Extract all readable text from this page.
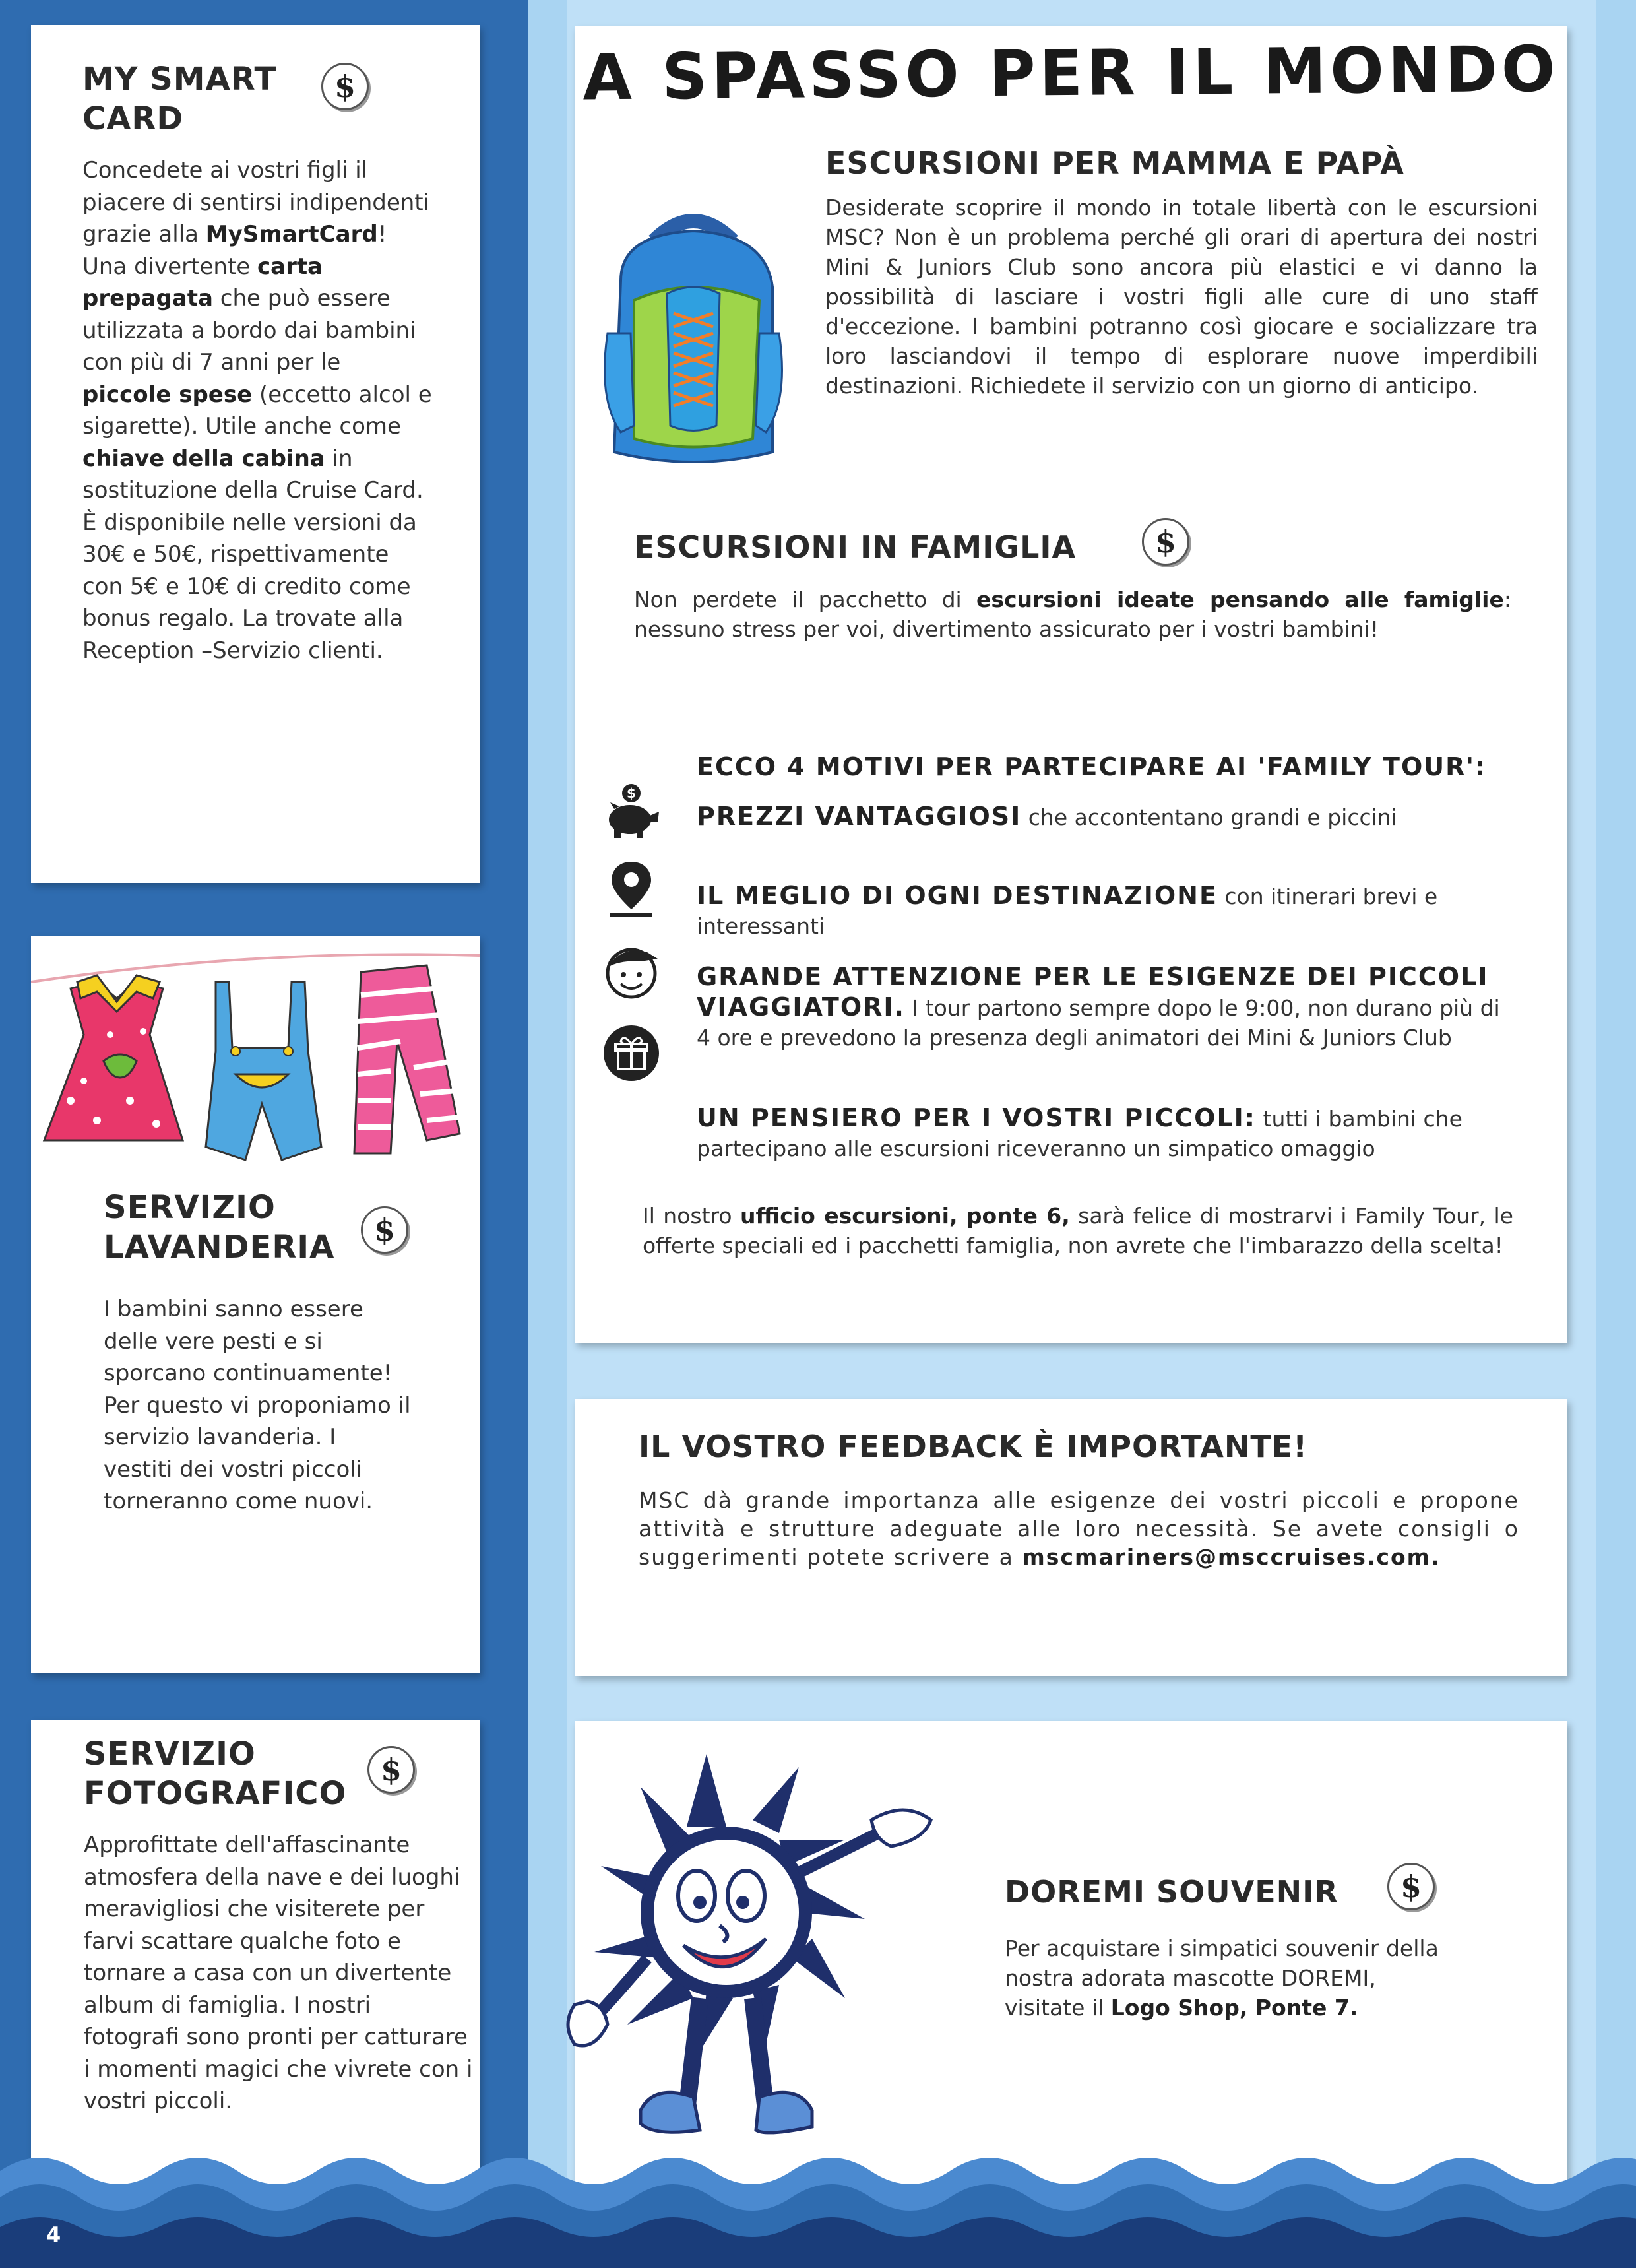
MY SMART
CARD
$
Concedete ai vostri figli il
piacere di sentirsi indipendenti
grazie alla MySmartCard!
Una divertente carta
prepagata che può essere
utilizzata a bordo dai bambini
con più di 7 anni per le
piccole spese (eccetto alcol e
sigarette). Utile anche come
chiave della cabina in
sostituzione della Cruise Card.
È disponibile nelle versioni da
30€ e 50€, rispettivamente
con 5€ e 10€ di credito come
bonus regalo. La trovate alla
Reception –Servizio clienti.
SERVIZIO
LAVANDERIA	$
I bambini sanno essere
delle vere pesti e si
sporcano continuamente!
Per questo vi proponiamo il
servizio lavanderia. I
vestiti dei vostri piccoli
torneranno come nuovi.
SERVIZIO
FOTOGRAFICO
$
Approfittate dell'affascinante
atmosfera della nave e dei luoghi
meravigliosi che visiterete per
farvi scattare qualche foto e
tornare a casa con un divertente
album di famiglia. I nostri
fotografi sono pronti per catturare
i momenti magici che vivrete con i
vostri piccoli.
A SPASSO PER IL MONDO
ESCURSIONI PER MAMMA E PAPÀ
Desiderate scoprire il mondo in totale libertà con le escursioni MSC? Non è un problema perché gli orari di apertura dei nostri Mini & Juniors Club sono ancora più elastici e vi danno la possibilità di lasciare i vostri figli alle cure di uno staff d'eccezione. I bambini potranno così giocare e socializzare tra loro lasciandovi il tempo di esplorare nuove imperdibili destinazioni. Richiedete il servizio con un giorno di anticipo.
ESCURSIONI IN FAMIGLIA	$
Non perdete il pacchetto di escursioni ideate pensando alle famiglie: nessuno stress per voi, divertimento assicurato per i vostri bambini!
ECCO 4 MOTIVI PER PARTECIPARE AI 'FAMILY TOUR':
$
PREZZI VANTAGGIOSI che accontentano grandi e piccini
IL MEGLIO DI OGNI DESTINAZIONE con itinerari brevi e interessanti
GRANDE ATTENZIONE PER LE ESIGENZE DEI PICCOLI VIAGGIATORI. I tour partono sempre dopo le 9:00, non durano più di 4 ore e prevedono la presenza degli animatori dei Mini & Juniors Club
UN PENSIERO PER I VOSTRI PICCOLI: tutti i bambini che partecipano alle escursioni riceveranno un simpatico omaggio
Il nostro ufficio escursioni, ponte 6, sarà felice di mostrarvi i Family Tour, le offerte speciali ed i pacchetti famiglia, non avrete che l'imbarazzo della scelta!
IL VOSTRO FEEDBACK È IMPORTANTE!
MSC dà grande importanza alle esigenze dei vostri piccoli e propone attività e strutture adeguate alle loro necessità. Se avete consigli o suggerimenti potete scrivere a mscmariners@msccruises.com.
DOREMI SOUVENIR	$
Per acquistare i simpatici souvenir della
nostra adorata mascotte DOREMI,
visitate il Logo Shop, Ponte 7.
4
